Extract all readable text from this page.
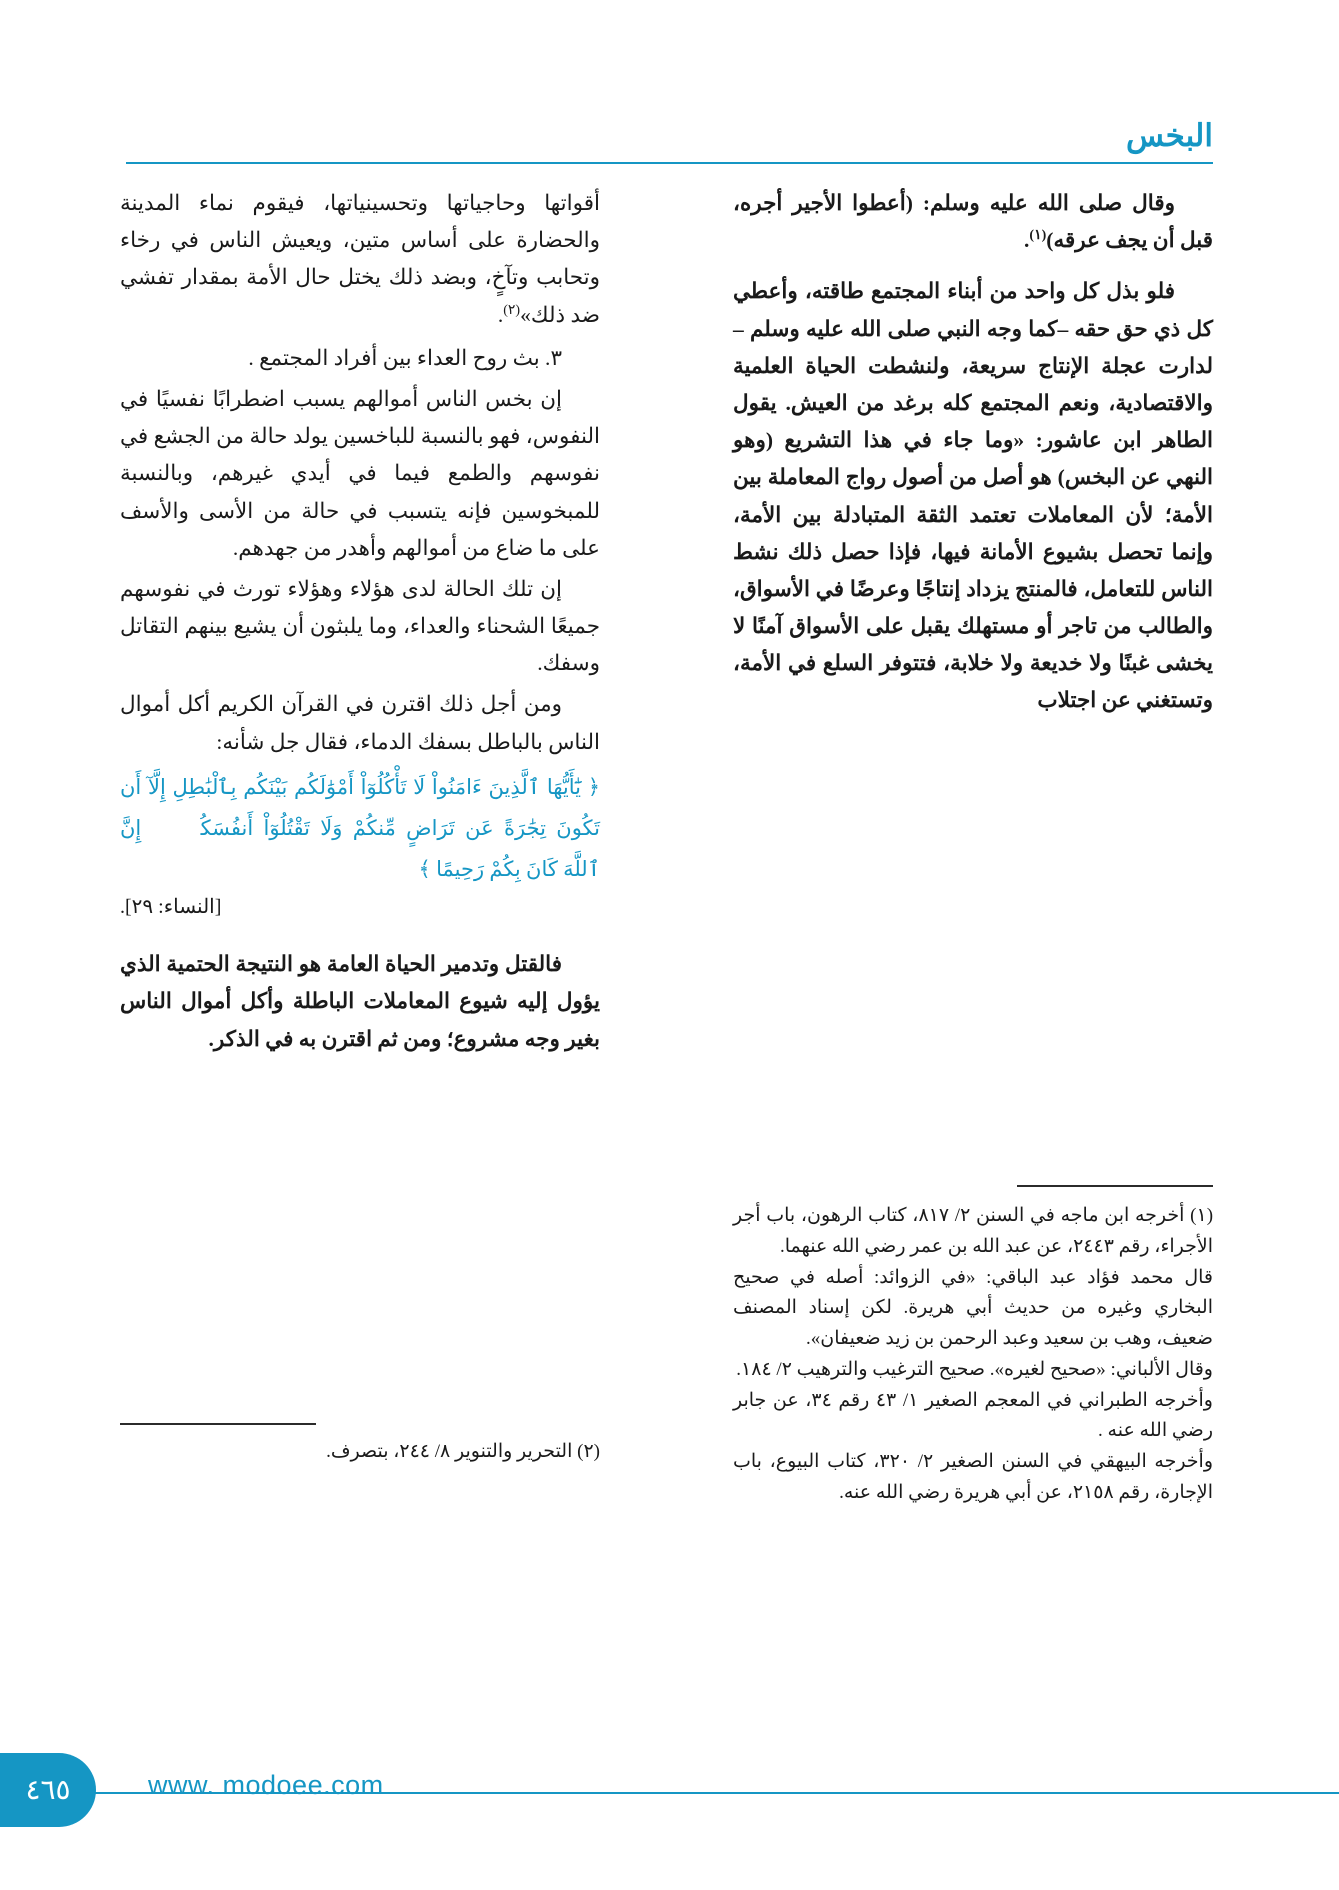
البخس

وقال صلى الله عليه وسلم: (أعطوا الأجير أجره، قبل أن يجف عرقه)$^{(١)}$.

فلو بذل كل واحد من أبناء المجتمع طاقته، وأعطي كل ذي حق حقه –كما وجه النبي صلى الله عليه وسلم – لدارت عجلة الإنتاج سريعة، ولنشطت الحياة العلمية والاقتصادية، ونعم المجتمع كله برغد من العيش. يقول الطاهر ابن عاشور: «وما جاء في هذا التشريع (وهو النهي عن البخس) هو أصل من أصول رواج المعاملة بين الأمة؛ لأن المعاملات تعتمد الثقة المتبادلة بين الأمة، وإنما تحصل بشيوع الأمانة فيها، فإذا حصل ذلك نشط الناس للتعامل، فالمنتج يزداد إنتاجًا وعرضًا في الأسواق، والطالب من تاجر أو مستهلك يقبل على الأسواق آمنًا لا يخشى غبنًا ولا خديعة ولا خلابة، فتتوفر السلع في الأمة، وتستغني عن اجتلاب

(١) أخرجه ابن ماجه في السنن ٢/ ٨١٧، كتاب الرهون، باب أجر الأجراء، رقم ٢٤٤٣، عن عبد الله بن عمر رضي الله عنهما.

قال محمد فؤاد عبد الباقي: «في الزوائد: أصله في صحيح البخاري وغيره من حديث أبي هريرة. لكن إسناد المصنف ضعيف، وهب بن سعيد وعبد الرحمن بن زيد ضعيفان».

وقال الألباني: «صحيح لغيره». صحيح الترغيب والترهيب ٢/ ١٨٤.

وأخرجه الطبراني في المعجم الصغير ١/ ٤٣ رقم ٣٤، عن جابر رضي الله عنه .

وأخرجه البيهقي في السنن الصغير ٢/ ٣٢٠، كتاب البيوع، باب الإجارة، رقم ٢١٥٨، عن أبي هريرة رضي الله عنه.

أقواتها وحاجياتها وتحسينياتها، فيقوم نماء المدينة والحضارة على أساس متين، ويعيش الناس في رخاء وتحابب وتآخٍ، وبضد ذلك يختل حال الأمة بمقدار تفشي ضد ذلك»$^{(٢)}$.

٣. بث روح العداء بين أفراد المجتمع .

إن بخس الناس أموالهم يسبب اضطرابًا نفسيًا في النفوس، فهو بالنسبة للباخسين يولد حالة من الجشع في نفوسهم والطمع فيما في أيدي غيرهم، وبالنسبة للمبخوسين فإنه يتسبب في حالة من الأسى والأسف على ما ضاع من أموالهم وأهدر من جهدهم.

إن تلك الحالة لدى هؤلاء وهؤلاء تورث في نفوسهم جميعًا الشحناء والعداء، وما يلبثون أن يشيع بينهم التقاتل وسفك.

ومن أجل ذلك اقترن في القرآن الكريم أكل أموال الناس بالباطل بسفك الدماء، فقال جل شأنه:

﴿ يَٰٓأَيُّهَا ٱلَّذِينَ ءَامَنُواْ لَا تَأْكُلُوٓاْ أَمْوَٰلَكُم بَيْنَكُم بِٱلْبَٰطِلِ إِلَّآ أَن تَكُونَ تِجَٰرَةً عَن تَرَاضٍ مِّنكُمْ وَلَا تَقْتُلُوٓاْ أَنفُسَكُمْۚ إِنَّ ٱللَّهَ كَانَ بِكُمْ رَحِيمًا ﴾

[النساء: ٢٩].

فالقتل وتدمير الحياة العامة هو النتيجة الحتمية الذي يؤول إليه شيوع المعاملات الباطلة وأكل أموال الناس بغير وجه مشروع؛ ومن ثم اقترن به في الذكر.

(٢) التحرير والتنوير ٨/ ٢٤٤، بتصرف.

٤٦٥	www. modoee.com
